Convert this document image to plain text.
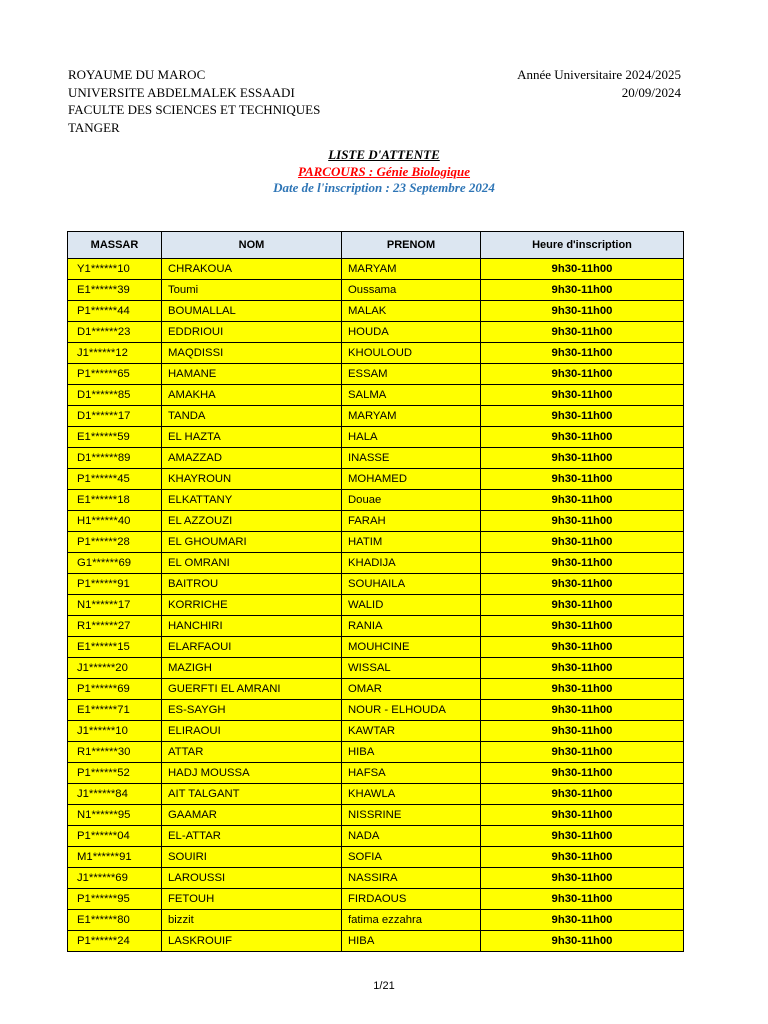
ROYAUME DU MAROC
UNIVERSITE ABDELMALEK ESSAADI
FACULTE DES SCIENCES ET TECHNIQUES
TANGER
Année Universitaire 2024/2025
20/09/2024
LISTE D'ATTENTE
PARCOURS : Génie Biologique
Date de l'inscription : 23 Septembre 2024
MASSAR	NOM	PRENOM	Heure d'inscription
Y1******10	CHRAKOUA	MARYAM	9h30-11h00
E1******39	Toumi	Oussama	9h30-11h00
P1******44	BOUMALLAL	MALAK	9h30-11h00
D1******23	EDDRIOUI	HOUDA	9h30-11h00
J1******12	MAQDISSI	KHOULOUD	9h30-11h00
P1******65	HAMANE	ESSAM	9h30-11h00
D1******85	AMAKHA	SALMA	9h30-11h00
D1******17	TANDA	MARYAM	9h30-11h00
E1******59	EL HAZTA	HALA	9h30-11h00
D1******89	AMAZZAD	INASSE	9h30-11h00
P1******45	KHAYROUN	MOHAMED	9h30-11h00
E1******18	ELKATTANY	Douae	9h30-11h00
H1******40	EL AZZOUZI	FARAH	9h30-11h00
P1******28	EL GHOUMARI	HATIM	9h30-11h00
G1******69	EL OMRANI	KHADIJA	9h30-11h00
P1******91	BAITROU	SOUHAILA	9h30-11h00
N1******17	KORRICHE	WALID	9h30-11h00
R1******27	HANCHIRI	RANIA	9h30-11h00
E1******15	ELARFAOUI	MOUHCINE	9h30-11h00
J1******20	MAZIGH	WISSAL	9h30-11h00
P1******69	GUERFTI EL AMRANI	OMAR	9h30-11h00
E1******71	ES-SAYGH	NOUR - ELHOUDA	9h30-11h00
J1******10	ELIRAOUI	KAWTAR	9h30-11h00
R1******30	ATTAR	HIBA	9h30-11h00
P1******52	HADJ MOUSSA	HAFSA	9h30-11h00
J1******84	AIT TALGANT	KHAWLA	9h30-11h00
N1******95	GAAMAR	NISSRINE	9h30-11h00
P1******04	EL-ATTAR	NADA	9h30-11h00
M1******91	SOUIRI	SOFIA	9h30-11h00
J1******69	LAROUSSI	NASSIRA	9h30-11h00
P1******95	FETOUH	FIRDAOUS	9h30-11h00
E1******80	bizzit	fatima ezzahra	9h30-11h00
P1******24	LASKROUIF	HIBA	9h30-11h00
1/21
